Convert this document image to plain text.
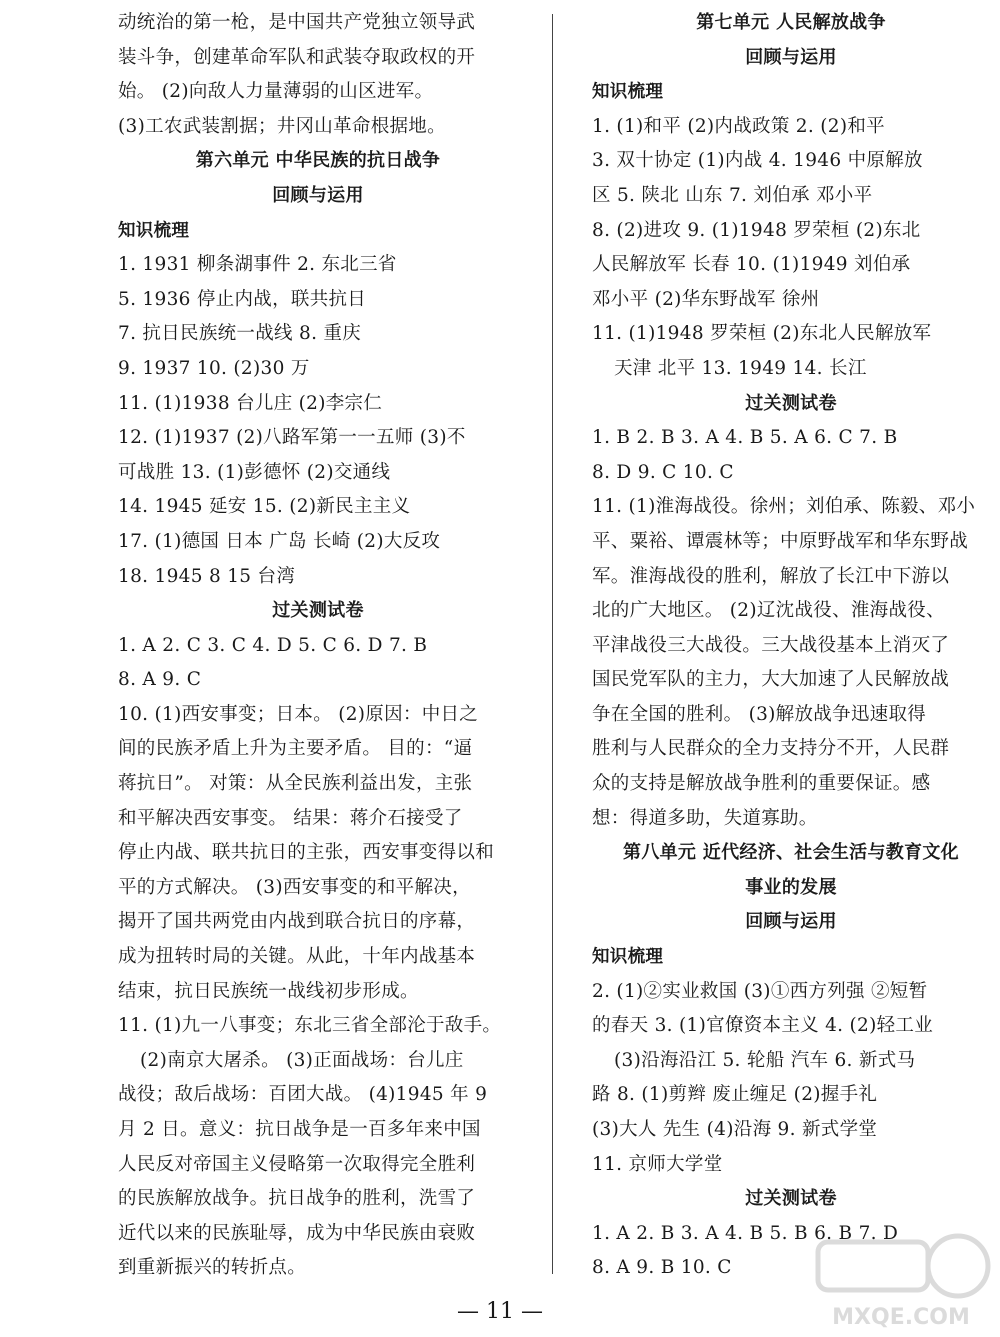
动统治的第一枪，是中国共产党独立领导武
装斗争，创建革命军队和武装夺取政权的开
始。 (2)向敌人力量薄弱的山区进军。
(3)工农武装割据；井冈山革命根据地。
第六单元 中华民族的抗日战争
回顾与运用
知识梳理
1. 1931 柳条湖事件 2. 东北三省
5. 1936 停止内战，联共抗日
7. 抗日民族统一战线 8. 重庆
9. 1937 10. (2)30 万
11. (1)1938 台儿庄 (2)李宗仁
12. (1)1937 (2)八路军第一一五师 (3)不
可战胜 13. (1)彭德怀 (2)交通线
14. 1945 延安 15. (2)新民主主义
17. (1)德国 日本 广岛 长崎 (2)大反攻
18. 1945 8 15 台湾
过关测试卷
1. A 2. C 3. C 4. D 5. C 6. D 7. B
8. A 9. C
10. (1)西安事变；日本。 (2)原因：中日之
间的民族矛盾上升为主要矛盾。 目的：“逼
蒋抗日”。 对策：从全民族利益出发，主张
和平解决西安事变。 结果：蒋介石接受了
停止内战、联共抗日的主张，西安事变得以和
平的方式解决。 (3)西安事变的和平解决，
揭开了国共两党由内战到联合抗日的序幕，
成为扭转时局的关键。从此，十年内战基本
结束，抗日民族统一战线初步形成。
11. (1)九一八事变；东北三省全部沦于敌手。
(2)南京大屠杀。 (3)正面战场：台儿庄
战役；敌后战场：百团大战。 (4)1945 年 9
月 2 日。意义：抗日战争是一百多年来中国
人民反对帝国主义侵略第一次取得完全胜利
的民族解放战争。抗日战争的胜利，洗雪了
近代以来的民族耻辱，成为中华民族由衰败
到重新振兴的转折点。
第七单元 人民解放战争
回顾与运用
知识梳理
1. (1)和平 (2)内战政策 2. (2)和平
3. 双十协定 (1)内战 4. 1946 中原解放
区 5. 陕北 山东 7. 刘伯承 邓小平
8. (2)进攻 9. (1)1948 罗荣桓 (2)东北
人民解放军 长春 10. (1)1949 刘伯承
邓小平 (2)华东野战军 徐州
11. (1)1948 罗荣桓 (2)东北人民解放军
天津 北平 13. 1949 14. 长江
过关测试卷
1. B 2. B 3. A 4. B 5. A 6. C 7. B
8. D 9. C 10. C
11. (1)淮海战役。徐州；刘伯承、陈毅、邓小
平、粟裕、谭震林等；中原野战军和华东野战
军。淮海战役的胜利，解放了长江中下游以
北的广大地区。 (2)辽沈战役、淮海战役、
平津战役三大战役。三大战役基本上消灭了
国民党军队的主力，大大加速了人民解放战
争在全国的胜利。 (3)解放战争迅速取得
胜利与人民群众的全力支持分不开，人民群
众的支持是解放战争胜利的重要保证。感
想：得道多助，失道寡助。
第八单元 近代经济、社会生活与教育文化
事业的发展
回顾与运用
知识梳理
2. (1)②实业救国 (3)①西方列强 ②短暂
的春天 3. (1)官僚资本主义 4. (2)轻工业
(3)沿海沿江 5. 轮船 汽车 6. 新式马
路 8. (1)剪辫 废止缠足 (2)握手礼
(3)大人 先生 (4)沿海 9. 新式学堂
11. 京师大学堂
过关测试卷
1. A 2. B 3. A 4. B 5. B 6. B 7. D
8. A 9. B 10. C
— 11 —	MXQE.COM
